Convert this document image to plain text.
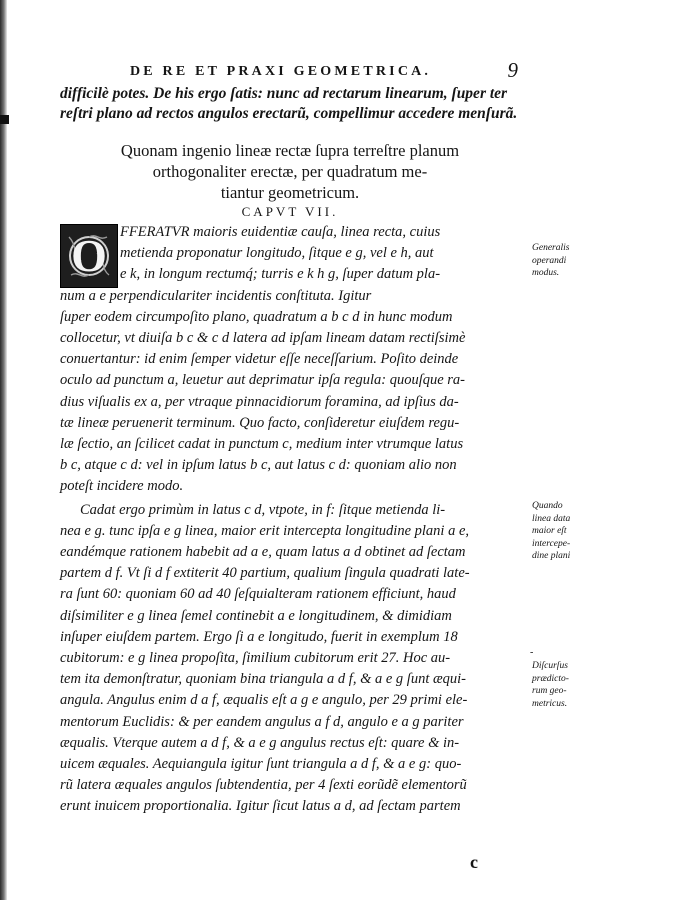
DE RE ET PRAXI GEOMETRICA.	9
difficilè potes. De his ergo ſatis: nunc ad rectarum linearum, ſuper ter
reſtri plano ad rectos angulos erectarũ, compellimur accedere menſurã.
Quonam ingenio lineæ rectæ ſupra terreſtre planum
orthogonaliter erectæ, per quadratum me-
tiantur geometricum.
CAPVT VII.
O FFERATVR maioris euidentiæ cauſa, linea recta, cuius
metienda proponatur longitudo, ſitque e g, vel e h, aut
e k, in longum rectumq́; turris e k h g, ſuper datum pla-
num a e perpendiculariter incidentis conſtituta. Igitur
ſuper eodem circumpoſito plano, quadratum a b c d in hunc modum
collocetur, vt diuiſa b c & c d latera ad ipſam lineam datam rectiſsimè
conuertantur: id enim ſemper videtur eſſe neceſſarium. Poſito deinde
oculo ad punctum a, leuetur aut deprimatur ipſa regula: quouſque ra-
dius viſualis ex a, per vtraque pinnacidiorum foramina, ad ipſius da-
tæ lineæ peruenerit terminum. Quo facto, conſideretur eiuſdem regu-
læ ſectio, an ſcilicet cadat in punctum c, medium inter vtrumque latus
b c, atque c d: vel in ipſum latus b c, aut latus c d: quoniam alio non
poteſt incidere modo.
Cadat ergo primùm in latus c d, vtpote, in f: ſitque metienda li-
nea e g. tunc ipſa e g linea, maior erit intercepta longitudine plani a e,
eandémque rationem habebit ad a e, quam latus a d obtinet ad ſectam
partem d f. Vt ſi d f extiterit 40 partium, qualium ſingula quadrati late-
ra ſunt 60: quoniam 60 ad 40 ſeſquialteram rationem efficiunt, haud
diſsimiliter e g linea ſemel continebit a e longitudinem, & dimidiam
inſuper eiuſdem partem. Ergo ſi a e longitudo, fuerit in exemplum 18
cubitorum: e g linea propoſita, ſimilium cubitorum erit 27. Hoc au-
tem ita demonſtratur, quoniam bina triangula a d f, & a e g ſunt æqui-
angula. Angulus enim d a f, æqualis eſt a g e angulo, per 29 primi ele-
mentorum Euclidis: & per eandem angulus a f d, angulo e a g pariter
æqualis. Vterque autem a d f, & a e g angulus rectus eſt: quare & in-
uicem æquales. Aequiangula igitur ſunt triangula a d f, & a e g: quo-
rũ latera æquales angulos ſubtendentia, per 4 ſexti eorũdẽ elementorũ
erunt inuicem proportionalia. Igitur ſicut latus a d, ad ſectam partem
Generalis
operandi
modus.
Quando
linea data
maior eſt
intercepe-
dine plani
-
Diſcurſus
prædicto-
rum geo-
metricus.
c
